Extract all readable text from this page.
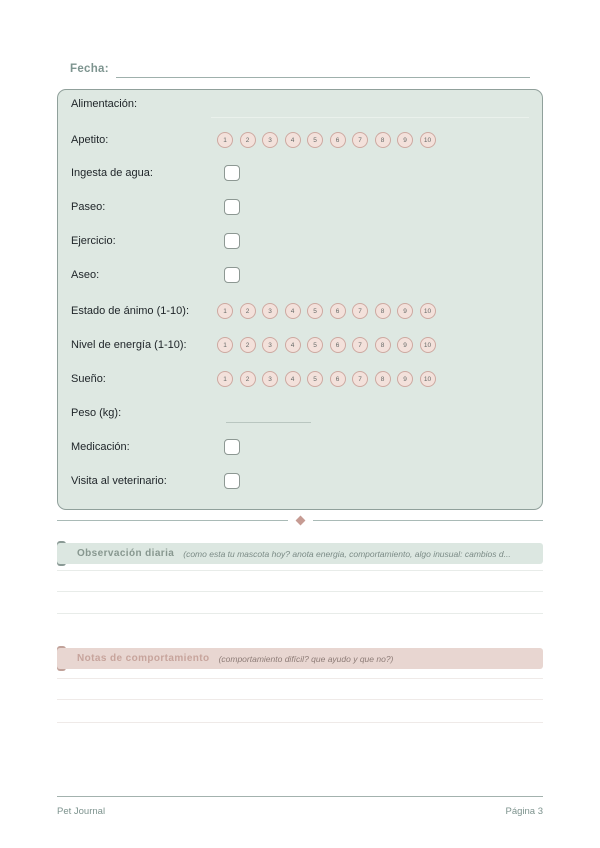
Fecha:
Alimentación:
Apetito:	1	2	3	4	5	6	7	8	9	10
Ingesta de agua:
Paseo:
Ejercicio:
Aseo:
Estado de ánimo (1-10):	1	2	3	4	5	6	7	8	9	10
Nivel de energía (1-10):	1	2	3	4	5	6	7	8	9	10
Sueño:	1	2	3	4	5	6	7	8	9	10
Peso (kg):
Medicación:
Visita al veterinario:
Observación diaria (como esta tu mascota hoy? anota energia, comportamiento, algo inusual: cambios d...
Notas de comportamiento (comportamiento difícil? que ayudo y que no?)
Pet Journal	Página 3
